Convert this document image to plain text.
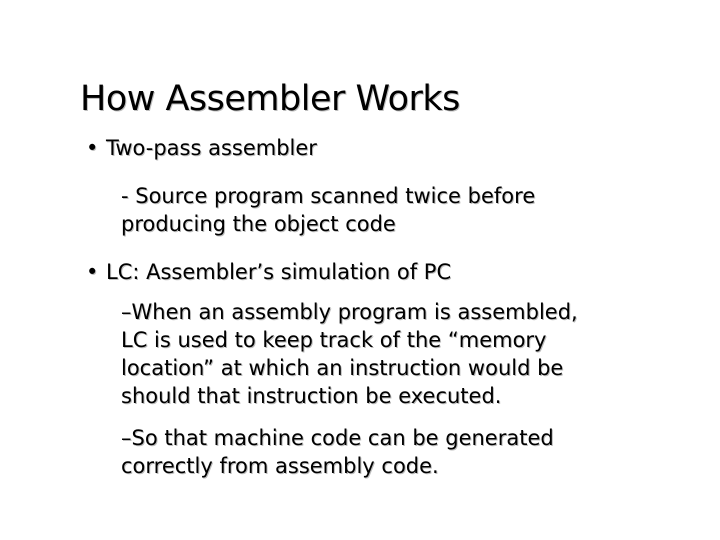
How Assembler Works
• Two-pass assembler
- Source program scanned twice before
producing the object code
• LC: Assembler’s simulation of PC
–When an assembly program is assembled,
LC is used to keep track of the “memory
location” at which an instruction would be
should that instruction be executed.
–So that machine code can be generated
correctly from assembly code.
